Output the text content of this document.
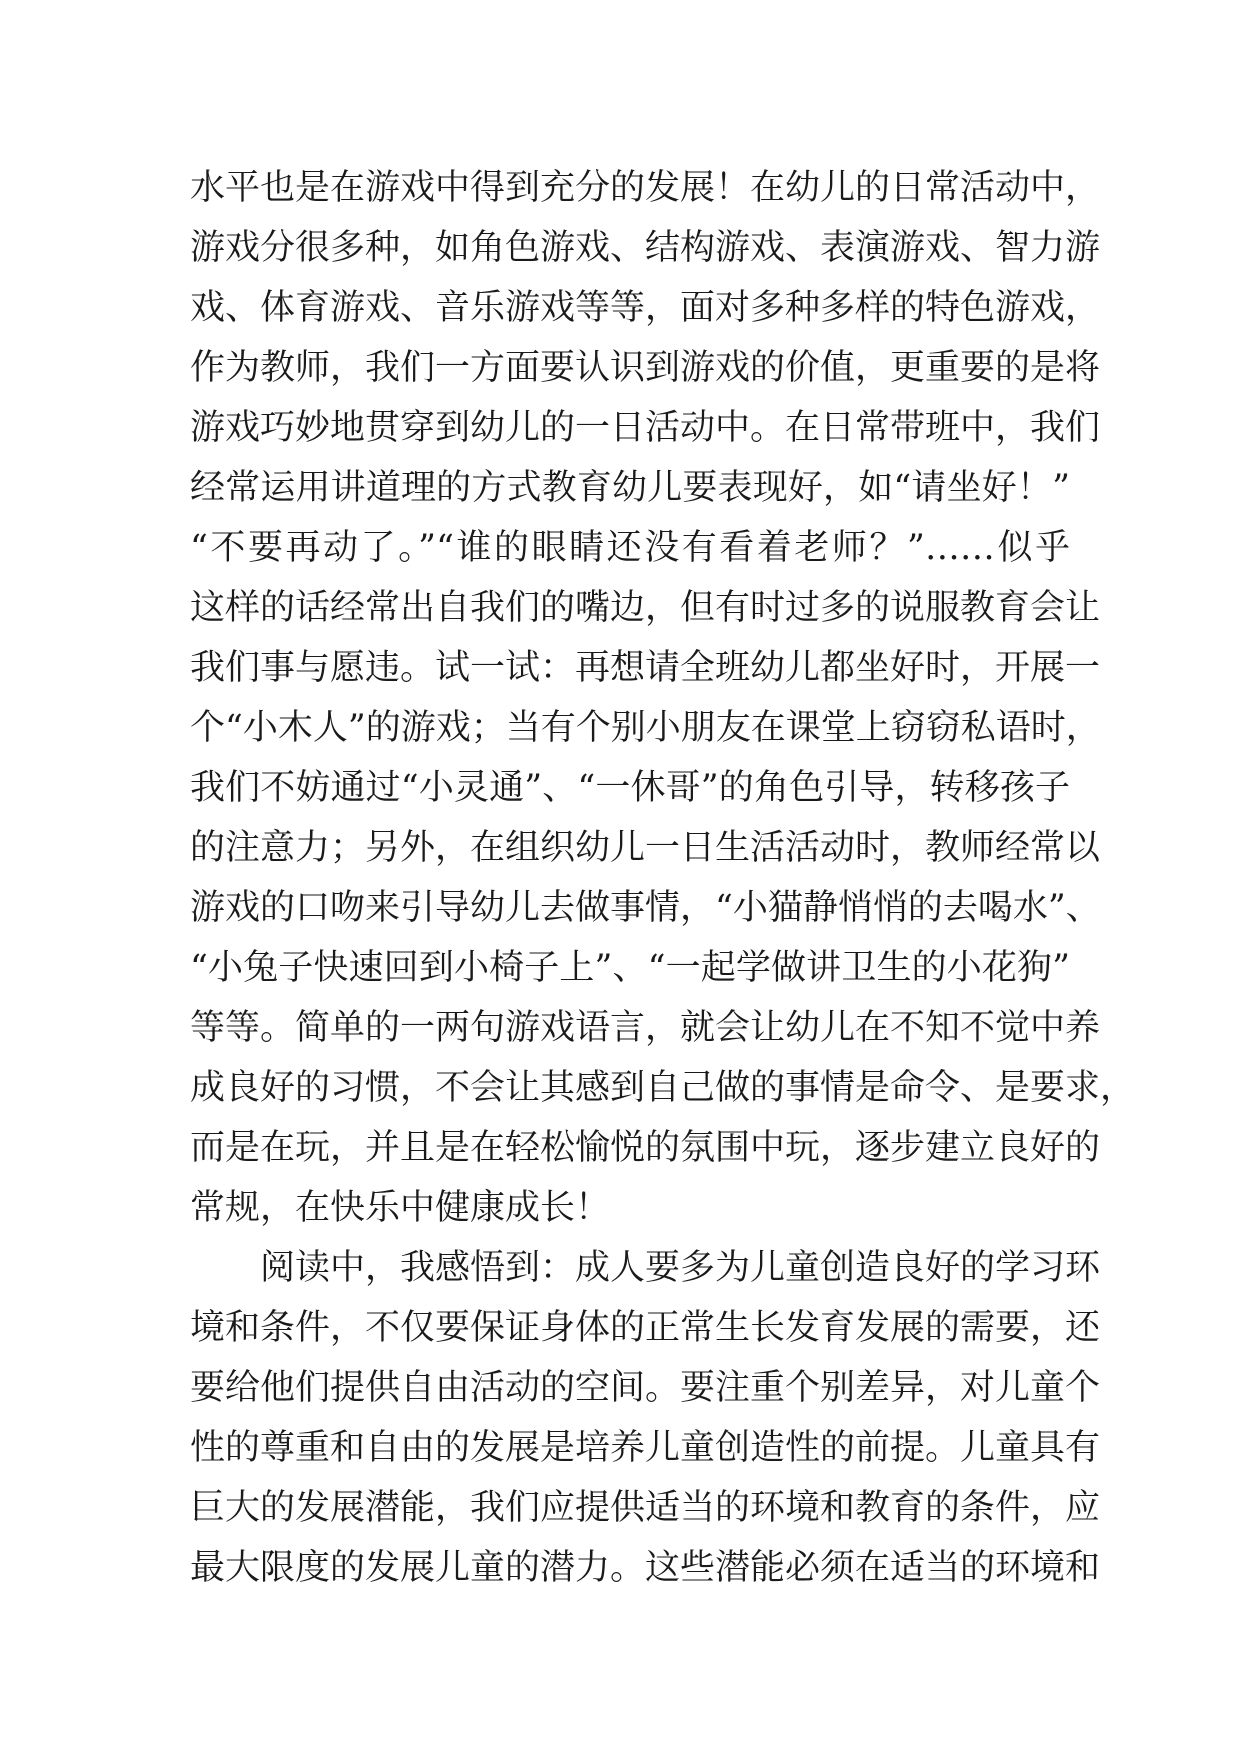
水平也是在游戏中得到充分的发展！在幼儿的日常活动中，
游戏分很多种，如角色游戏、结构游戏、表演游戏、智力游
戏、体育游戏、音乐游戏等等，面对多种多样的特色游戏，
作为教师，我们一方面要认识到游戏的价值，更重要的是将
游戏巧妙地贯穿到幼儿的一日活动中。在日常带班中，我们
经常运用讲道理的方式教育幼儿要表现好，如“请坐好！”
“不要再动了。”“谁的眼睛还没有看着老师？”……似乎
这样的话经常出自我们的嘴边，但有时过多的说服教育会让
我们事与愿违。试一试：再想请全班幼儿都坐好时，开展一
个“小木人”的游戏；当有个别小朋友在课堂上窃窃私语时，
我们不妨通过“小灵通”、“一休哥”的角色引导，转移孩子
的注意力；另外，在组织幼儿一日生活活动时，教师经常以
游戏的口吻来引导幼儿去做事情，“小猫静悄悄的去喝水”、
“小兔子快速回到小椅子上”、“一起学做讲卫生的小花狗”
等等。简单的一两句游戏语言，就会让幼儿在不知不觉中养
成良好的习惯，不会让其感到自己做的事情是命令、是要求，
而是在玩，并且是在轻松愉悦的氛围中玩，逐步建立良好的
常规，在快乐中健康成长！
阅读中，我感悟到：成人要多为儿童创造良好的学习环
境和条件，不仅要保证身体的正常生长发育发展的需要，还
要给他们提供自由活动的空间。要注重个别差异，对儿童个
性的尊重和自由的发展是培养儿童创造性的前提。儿童具有
巨大的发展潜能，我们应提供适当的环境和教育的条件，应
最大限度的发展儿童的潜力。这些潜能必须在适当的环境和
